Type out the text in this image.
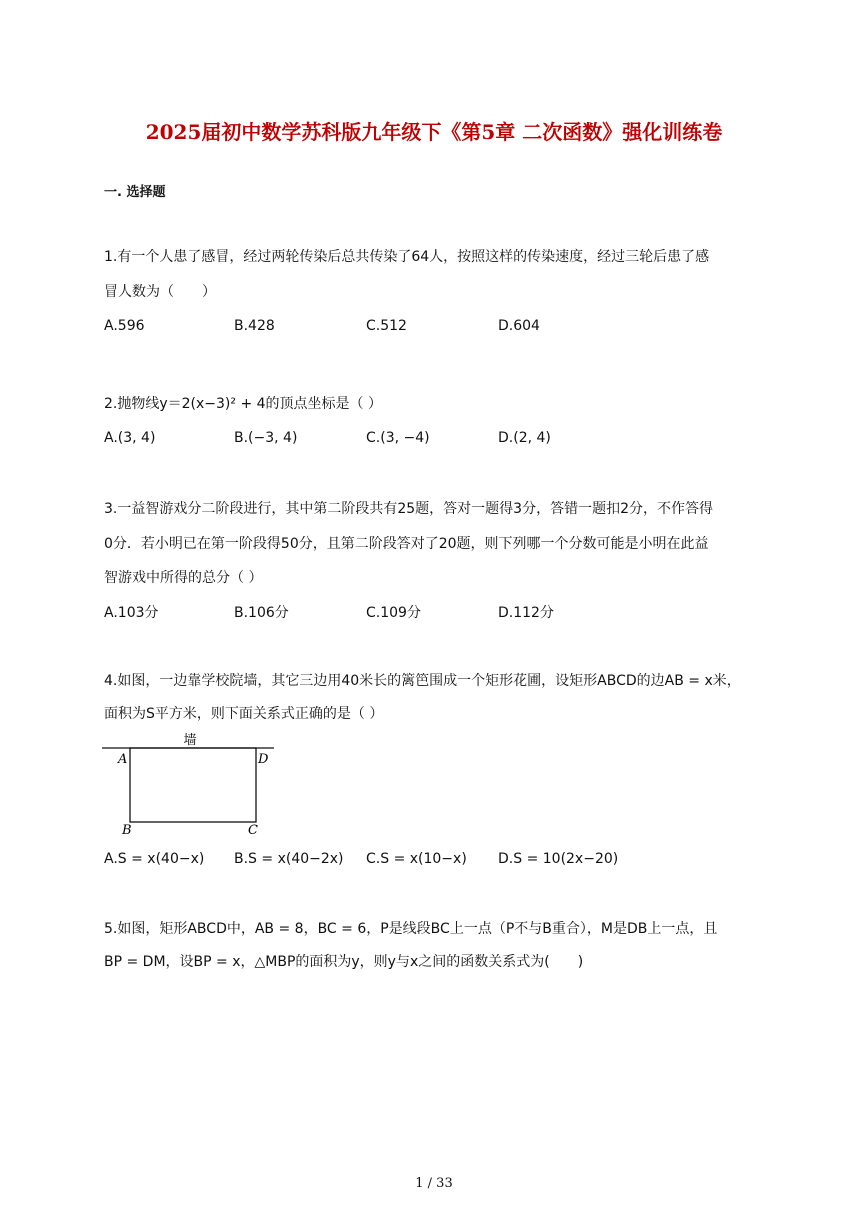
2025届初中数学苏科版九年级下《第5章 二次函数》强化训练卷
一. 选择题
1.有一个人患了感冒，经过两轮传染后总共传染了64人，按照这样的传染速度，经过三轮后患了感
冒人数为（　　）
A.596	B.428	C.512	D.604
2.抛物线y＝2(x−3)² + 4的顶点坐标是（ ）
A.(3, 4)	B.(−3, 4)	C.(3, −4)	D.(2, 4)
3.一益智游戏分二阶段进行，其中第二阶段共有25题，答对一题得3分，答错一题扣2分，不作答得
0分．若小明已在第一阶段得50分，且第二阶段答对了20题，则下列哪一个分数可能是小明在此益
智游戏中所得的总分（ ）
A.103分	B.106分	C.109分	D.112分
4.如图，一边靠学校院墙，其它三边用40米长的篱笆围成一个矩形花圃，设矩形ABCD的边AB = x米，
面积为S平方米，则下面关系式正确的是（ ）
墙
A	D
B	C
A.S = x(40−x) B.S = x(40−2x) C.S = x(10−x) D.S = 10(2x−20)
5.如图，矩形ABCD中，AB = 8，BC = 6，P是线段BC上一点（P不与B重合），M是DB上一点，且
BP = DM，设BP = x，△MBP的面积为y，则y与x之间的函数关系式为(　　)
1 / 33
